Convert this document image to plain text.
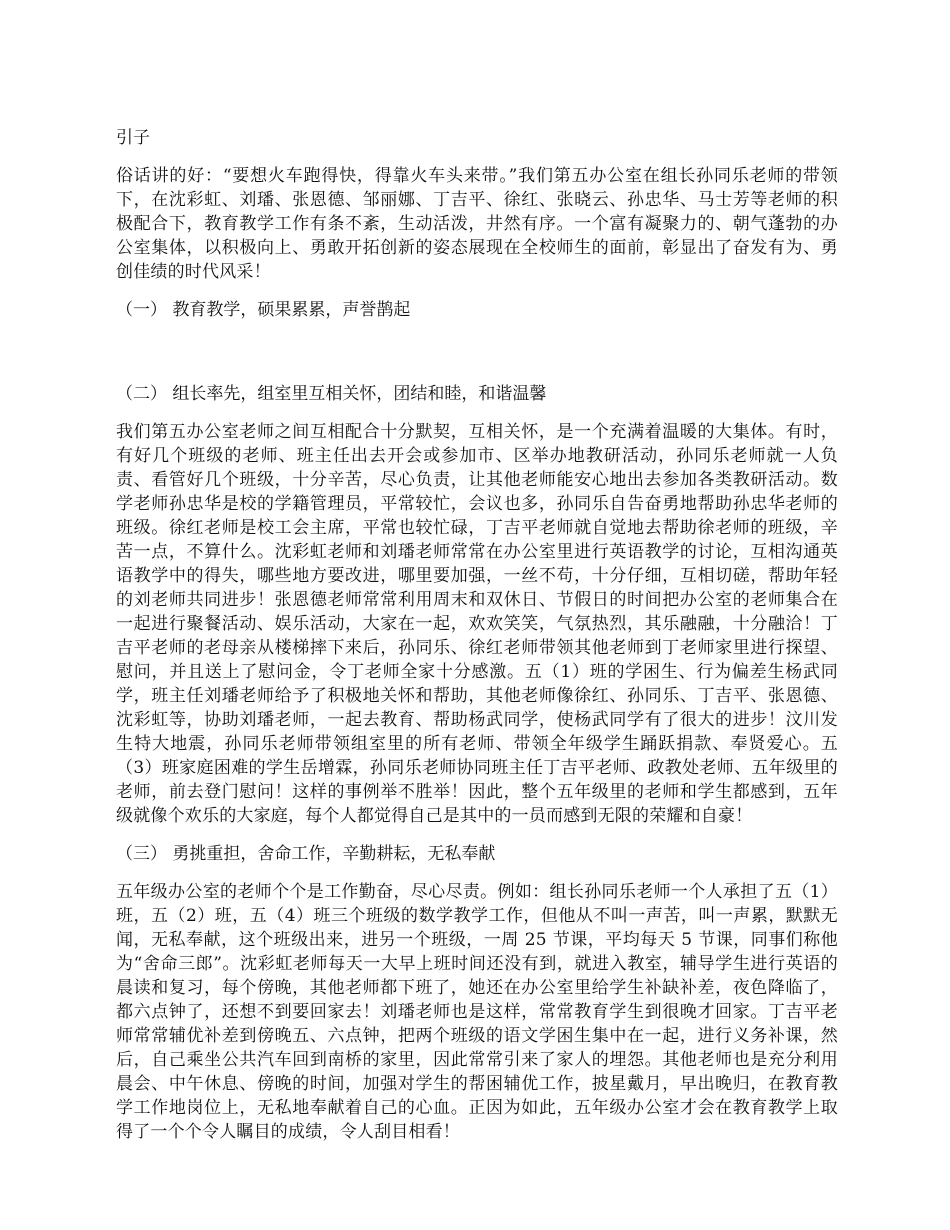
引子

俗话讲的好：“要想火车跑得快，得靠火车头来带。”我们第五办公室在组长孙同乐老师的带领下，在沈彩虹、刘璠、张恩德、邹丽娜、丁吉平、徐红、张晓云、孙忠华、马士芳等老师的积极配合下，教育教学工作有条不紊，生动活泼，井然有序。一个富有凝聚力的、朝气蓬勃的办公室集体，以积极向上、勇敢开拓创新的姿态展现在全校师生的面前，彰显出了奋发有为、勇创佳绩的时代风采！

（一） 教育教学，硕果累累，声誉鹊起

（二） 组长率先，组室里互相关怀，团结和睦，和谐温馨

我们第五办公室老师之间互相配合十分默契，互相关怀，是一个充满着温暖的大集体。有时，有好几个班级的老师、班主任出去开会或参加市、区举办地教研活动，孙同乐老师就一人负责、看管好几个班级，十分辛苦，尽心负责，让其他老师能安心地出去参加各类教研活动。数学老师孙忠华是校的学籍管理员，平常较忙，会议也多，孙同乐自告奋勇地帮助孙忠华老师的班级。徐红老师是校工会主席，平常也较忙碌，丁吉平老师就自觉地去帮助徐老师的班级，辛苦一点，不算什么。沈彩虹老师和刘璠老师常常在办公室里进行英语教学的讨论，互相沟通英语教学中的得失，哪些地方要改进，哪里要加强，一丝不苟，十分仔细，互相切磋，帮助年轻的刘老师共同进步！张恩德老师常常利用周末和双休日、节假日的时间把办公室的老师集合在一起进行聚餐活动、娱乐活动，大家在一起，欢欢笑笑，气氛热烈，其乐融融，十分融洽！丁吉平老师的老母亲从楼梯摔下来后，孙同乐、徐红老师带领其他老师到丁老师家里进行探望、慰问，并且送上了慰问金，令丁老师全家十分感激。五（1）班的学困生、行为偏差生杨武同学，班主任刘璠老师给予了积极地关怀和帮助，其他老师像徐红、孙同乐、丁吉平、张恩德、沈彩虹等，协助刘璠老师，一起去教育、帮助杨武同学，使杨武同学有了很大的进步！汶川发生特大地震，孙同乐老师带领组室里的所有老师、带领全年级学生踊跃捐款、奉贤爱心。五（3）班家庭困难的学生岳增霖，孙同乐老师协同班主任丁吉平老师、政教处老师、五年级里的老师，前去登门慰问！这样的事例举不胜举！因此，整个五年级里的老师和学生都感到，五年级就像个欢乐的大家庭，每个人都觉得自己是其中的一员而感到无限的荣耀和自豪！

（三） 勇挑重担，舍命工作，辛勤耕耘，无私奉献

五年级办公室的老师个个是工作勤奋，尽心尽责。例如：组长孙同乐老师一个人承担了五（1）班，五（2）班，五（4）班三个班级的数学教学工作，但他从不叫一声苦，叫一声累，默默无闻，无私奉献，这个班级出来，进另一个班级，一周 25 节课，平均每天 5 节课，同事们称他为“舍命三郎”。沈彩虹老师每天一大早上班时间还没有到，就进入教室，辅导学生进行英语的晨读和复习，每个傍晚，其他老师都下班了，她还在办公室里给学生补缺补差，夜色降临了，都六点钟了，还想不到要回家去！刘璠老师也是这样，常常教育学生到很晚才回家。丁吉平老师常常辅优补差到傍晚五、六点钟，把两个班级的语文学困生集中在一起，进行义务补课，然后，自己乘坐公共汽车回到南桥的家里，因此常常引来了家人的埋怨。其他老师也是充分利用晨会、中午休息、傍晚的时间，加强对学生的帮困辅优工作，披星戴月，早出晚归，在教育教学工作地岗位上，无私地奉献着自己的心血。正因为如此，五年级办公室才会在教育教学上取得了一个个令人瞩目的成绩，令人刮目相看！
